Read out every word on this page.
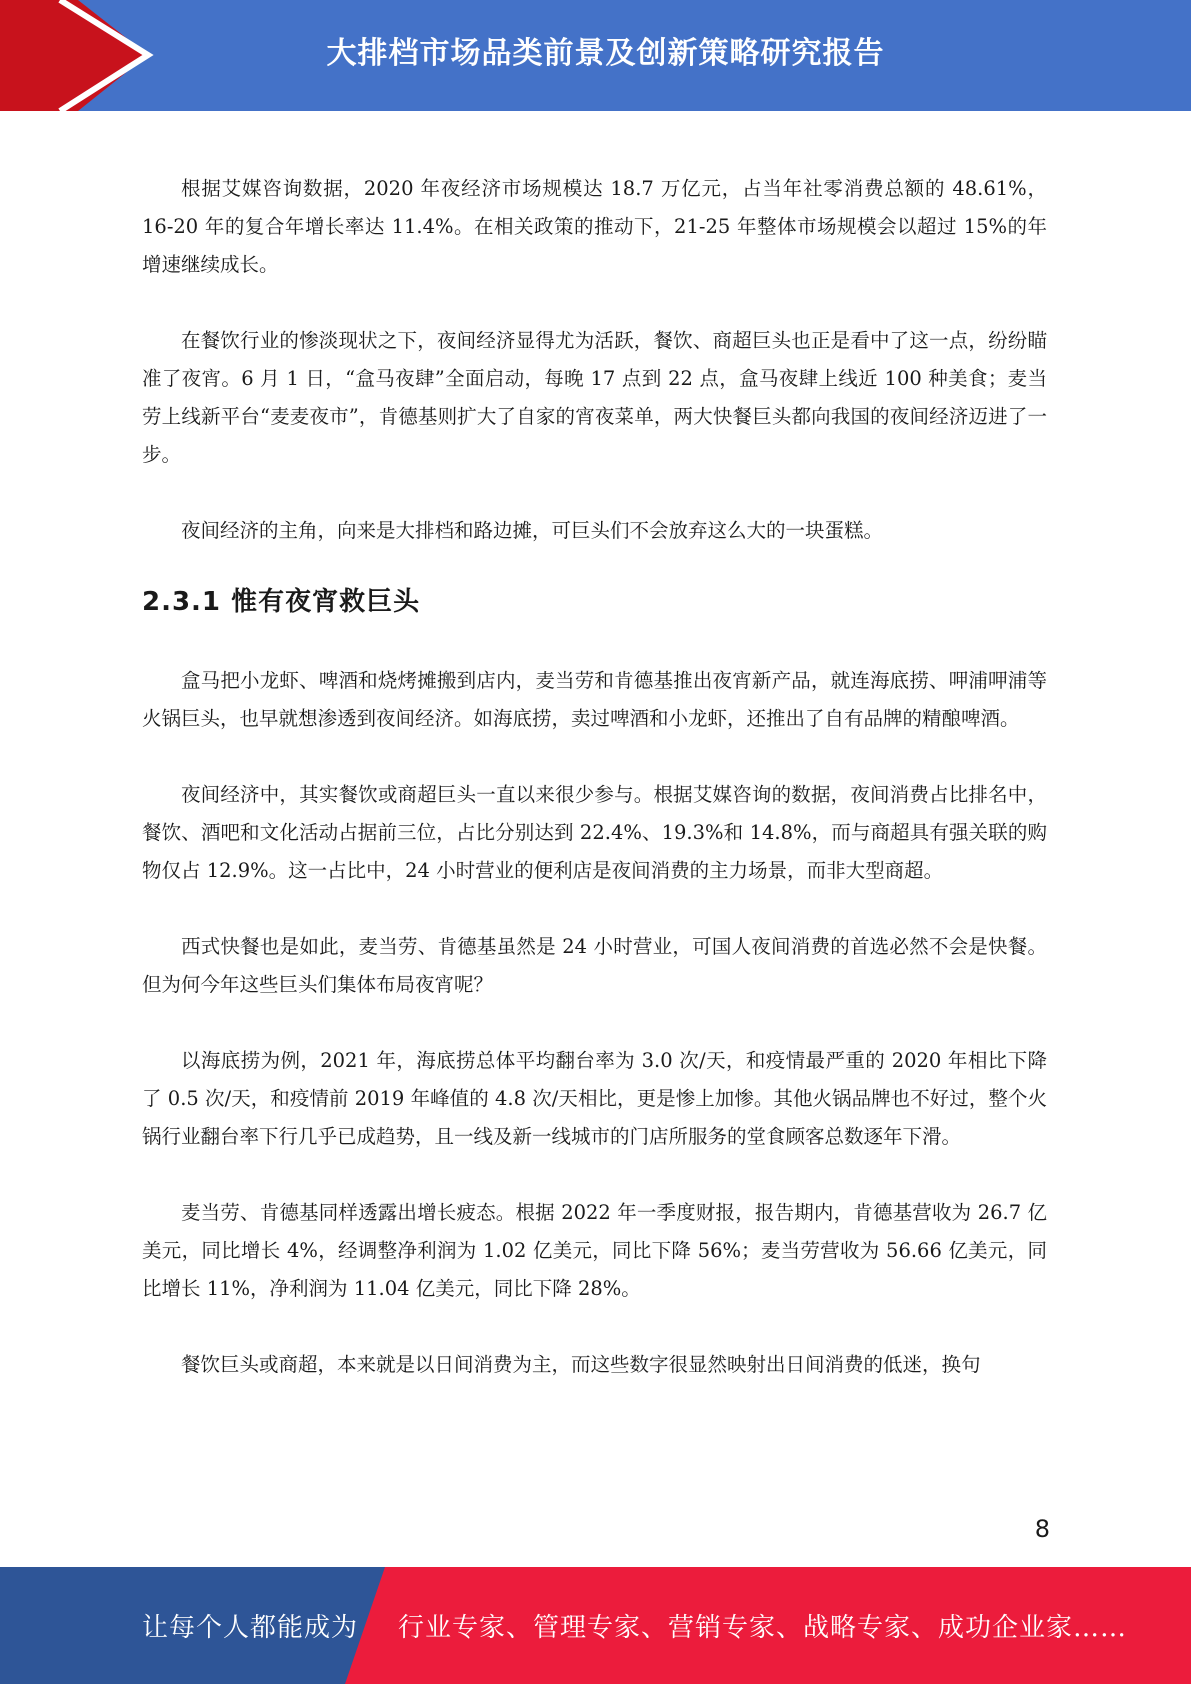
大排档市场品类前景及创新策略研究报告

根据艾媒咨询数据，2020 年夜经济市场规模达 18.7 万亿元，占当年社零消费总额的 48.61%，16-20 年的复合年增长率达 11.4%。在相关政策的推动下，21-25 年整体市场规模会以超过 15%的年增速继续成长。

在餐饮行业的惨淡现状之下，夜间经济显得尤为活跃，餐饮、商超巨头也正是看中了这一点，纷纷瞄准了夜宵。6 月 1 日，“盒马夜肆”全面启动，每晚 17 点到 22 点，盒马夜肆上线近 100 种美食；麦当劳上线新平台“麦麦夜市”，肯德基则扩大了自家的宵夜菜单，两大快餐巨头都向我国的夜间经济迈进了一步。

夜间经济的主角，向来是大排档和路边摊，可巨头们不会放弃这么大的一块蛋糕。

2.3.1 惟有夜宵救巨头

盒马把小龙虾、啤酒和烧烤摊搬到店内，麦当劳和肯德基推出夜宵新产品，就连海底捞、呷浦呷浦等火锅巨头，也早就想渗透到夜间经济。如海底捞，卖过啤酒和小龙虾，还推出了自有品牌的精酿啤酒。

夜间经济中，其实餐饮或商超巨头一直以来很少参与。根据艾媒咨询的数据，夜间消费占比排名中，餐饮、酒吧和文化活动占据前三位，占比分别达到 22.4%、19.3%和 14.8%，而与商超具有强关联的购物仅占 12.9%。这一占比中，24 小时营业的便利店是夜间消费的主力场景，而非大型商超。

西式快餐也是如此，麦当劳、肯德基虽然是 24 小时营业，可国人夜间消费的首选必然不会是快餐。但为何今年这些巨头们集体布局夜宵呢？

以海底捞为例，2021 年，海底捞总体平均翻台率为 3.0 次/天，和疫情最严重的 2020 年相比下降了 0.5 次/天，和疫情前 2019 年峰值的 4.8 次/天相比，更是惨上加惨。其他火锅品牌也不好过，整个火锅行业翻台率下行几乎已成趋势，且一线及新一线城市的门店所服务的堂食顾客总数逐年下滑。

麦当劳、肯德基同样透露出增长疲态。根据 2022 年一季度财报，报告期内，肯德基营收为 26.7 亿美元，同比增长 4%，经调整净利润为 1.02 亿美元，同比下降 56%；麦当劳营收为 56.66 亿美元，同比增长 11%，净利润为 11.04 亿美元，同比下降 28%。

餐饮巨头或商超，本来就是以日间消费为主，而这些数字很显然映射出日间消费的低迷，换句

8
让每个人都能成为 行业专家、管理专家、营销专家、战略专家、成功企业家……
